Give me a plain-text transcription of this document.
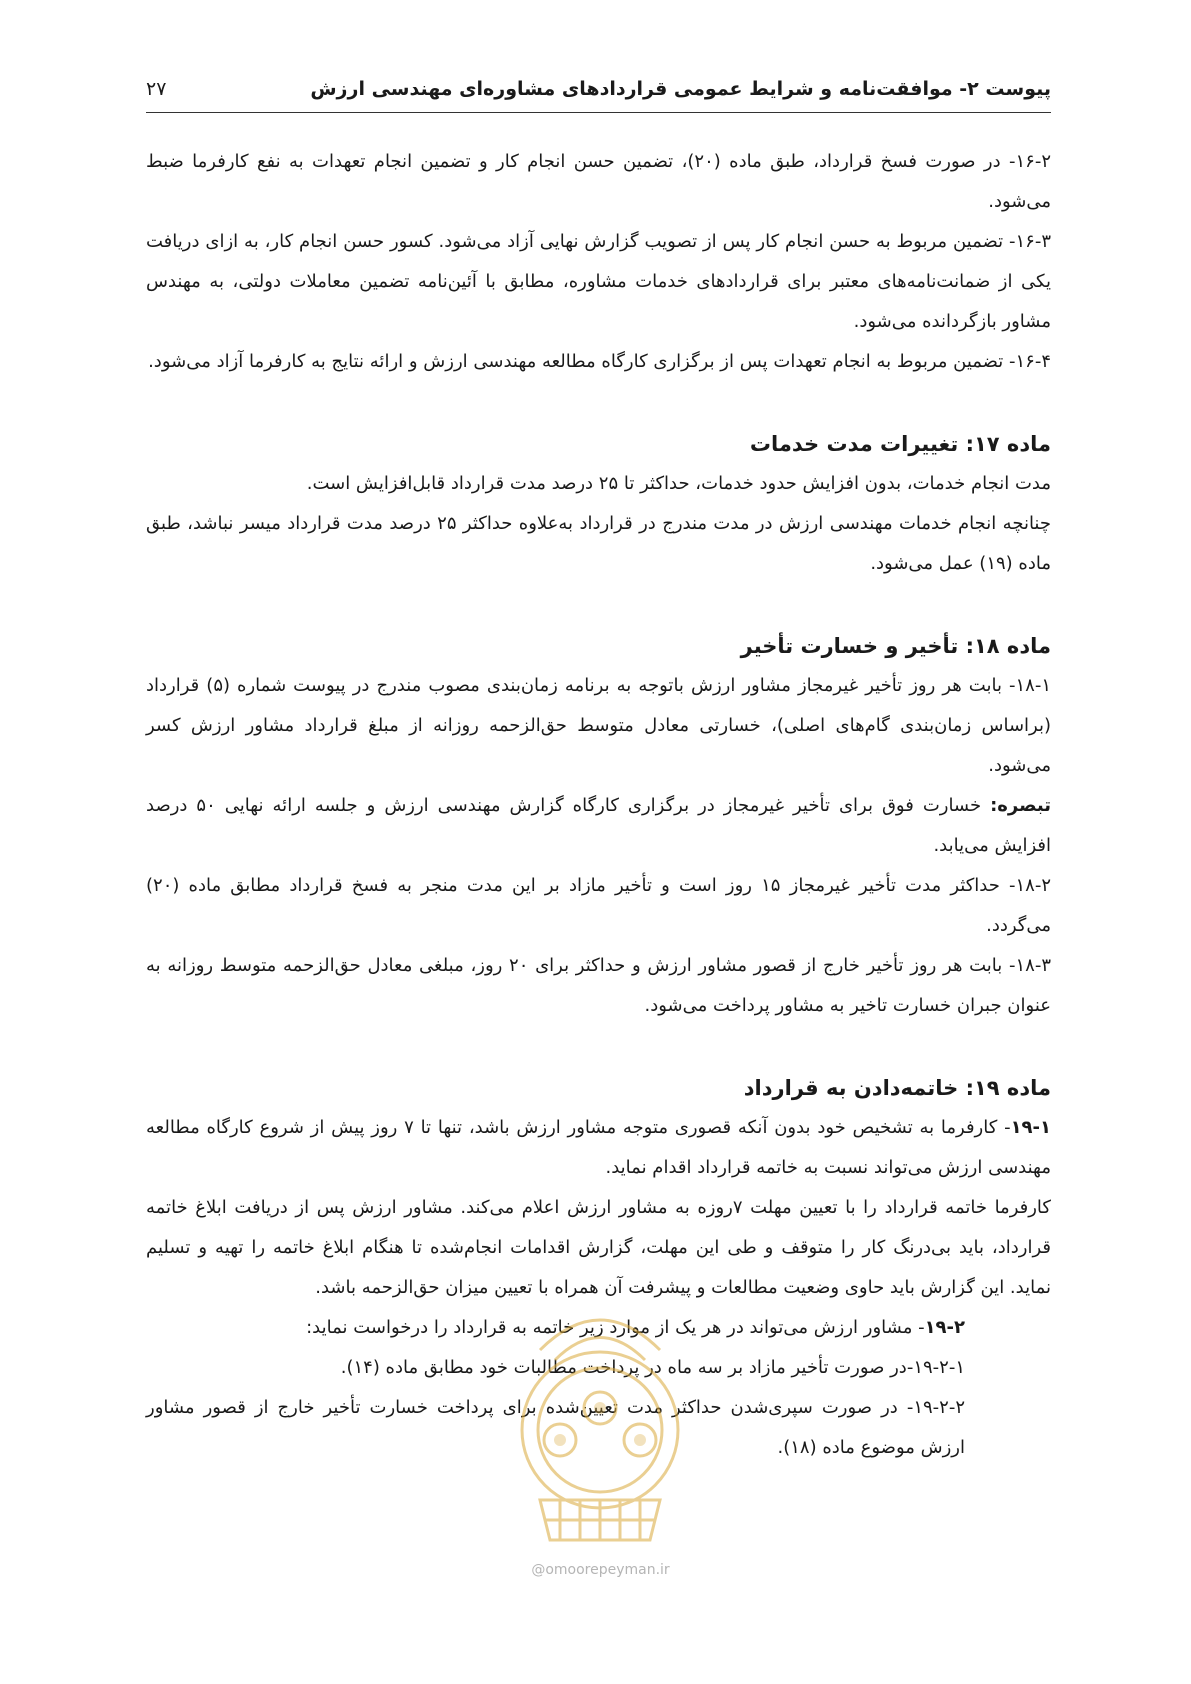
پیوست ۲- موافقت‌نامه و شرایط عمومی قراردادهای مشاوره‌ای مهندسی ارزش
۲۷

۱۶-۲- در صورت فسخ قرارداد، طبق ماده (۲۰)، تضمین حسن انجام کار و تضمین انجام تعهدات به نفع کارفرما ضبط می‌شود.

۱۶-۳- تضمین مربوط به حسن انجام کار پس از تصویب گزارش نهایی آزاد می‌شود. کسور حسن انجام کار، به ازای دریافت یکی از ضمانت‌نامه‌های معتبر برای قراردادهای خدمات مشاوره، مطابق با آئین‌نامه تضمین معاملات دولتی، به مهندس مشاور بازگردانده می‌شود.

۱۶-۴- تضمین مربوط به انجام تعهدات پس از برگزاری کارگاه مطالعه مهندسی ارزش و ارائه نتایج به کارفرما آزاد می‌شود.

ماده ۱۷: تغییرات مدت خدمات

مدت انجام خدمات، بدون افزایش حدود خدمات، حداکثر تا ۲۵ درصد مدت قرارداد قابل‌افزایش است.

چنانچه انجام خدمات مهندسی ارزش در مدت مندرج در قرارداد به‌علاوه حداکثر ۲۵ درصد مدت قرارداد میسر نباشد، طبق ماده (۱۹) عمل می‌شود.

ماده ۱۸: تأخیر و خسارت تأخیر

۱۸-۱- بابت هر روز تأخیر غیرمجاز مشاور ارزش باتوجه به برنامه زمان‌بندی مصوب مندرج در پیوست شماره (۵) قرارداد (براساس زمان‌بندی گام‌های اصلی)، خسارتی معادل متوسط حق‌الزحمه روزانه از مبلغ قرارداد مشاور ارزش کسر می‌شود.

تبصره: خسارت فوق برای تأخیر غیرمجاز در برگزاری کارگاه گزارش مهندسی ارزش و جلسه ارائه نهایی ۵۰ درصد افزایش می‌یابد.

۱۸-۲- حداکثر مدت تأخیر غیرمجاز ۱۵ روز است و تأخیر مازاد بر این مدت منجر به فسخ قرارداد مطابق ماده (۲۰) می‌گردد.

۱۸-۳- بابت هر روز تأخیر خارج از قصور مشاور ارزش و حداکثر برای ۲۰ روز، مبلغی معادل حق‌الزحمه متوسط روزانه به عنوان جبران خسارت تاخیر به مشاور پرداخت می‌شود.

ماده ۱۹: خاتمه‌دادن به قرارداد

۱۹-۱- کارفرما به تشخیص خود بدون آنکه قصوری متوجه مشاور ارزش باشد، تنها تا ۷ روز پیش از شروع کارگاه مطالعه مهندسی ارزش می‌تواند نسبت به خاتمه قرارداد اقدام نماید.

کارفرما خاتمه قرارداد را با تعیین مهلت ۷روزه به مشاور ارزش اعلام می‌کند. مشاور ارزش پس از دریافت ابلاغ خاتمه قرارداد، باید بی‌درنگ کار را متوقف و طی این مهلت، گزارش اقدامات انجام‌شده تا هنگام ابلاغ خاتمه را تهیه و تسلیم نماید. این گزارش باید حاوی وضعیت مطالعات و پیشرفت آن همراه با تعیین میزان حق‌الزحمه باشد.

۱۹-۲- مشاور ارزش می‌تواند در هر یک از موارد زیر خاتمه به قرارداد را درخواست نماید:

۱۹-۲-۱-در صورت تأخیر مازاد بر سه ماه در پرداخت مطالبات خود مطابق ماده (۱۴).

۱۹-۲-۲- در صورت سپری‌شدن حداکثر مدت تعیین‌شده برای پرداخت خسارت تأخیر خارج از قصور مشاور ارزش موضوع ماده (۱۸).

@omoorepeyman.ir
